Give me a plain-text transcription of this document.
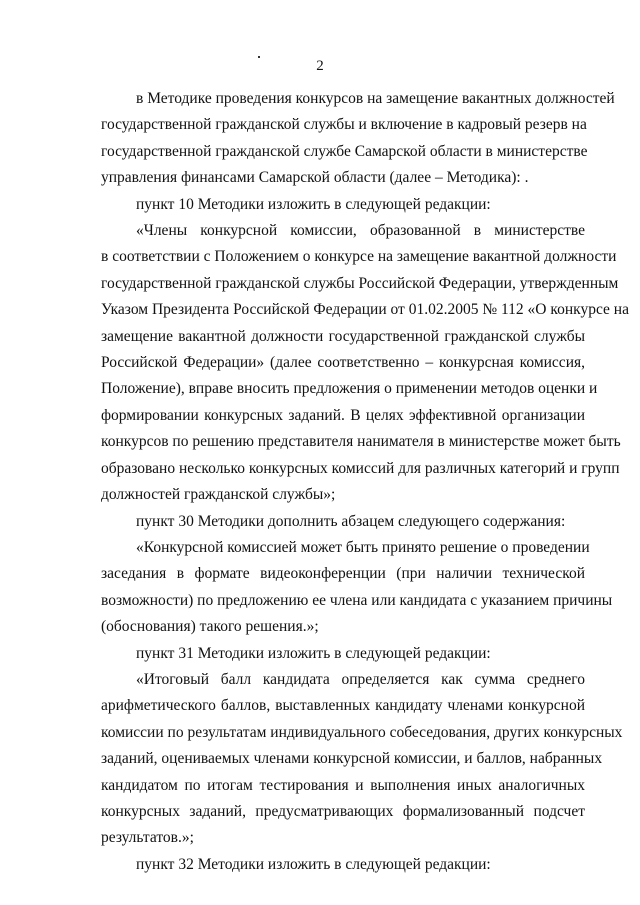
2
в Методике проведения конкурсов на замещение вакантных должностей
государственной гражданской службы и включение в кадровый резерв на
государственной гражданской службе Самарской области в министерстве
управления финансами Самарской области (далее – Методика): .
пункт 10 Методики изложить в следующей редакции:
«Члены конкурсной комиссии, образованной в министерстве
в соответствии с Положением о конкурсе на замещение вакантной должности
государственной гражданской службы Российской Федерации, утвержденным
Указом Президента Российской Федерации от 01.02.2005 № 112 «О конкурсе на
замещение вакантной должности государственной гражданской службы
Российской Федерации» (далее соответственно – конкурсная комиссия,
Положение), вправе вносить предложения о применении методов оценки и
формировании конкурсных заданий. В целях эффективной организации
конкурсов по решению представителя нанимателя в министерстве может быть
образовано несколько конкурсных комиссий для различных категорий и групп
должностей гражданской службы»;
пункт 30 Методики дополнить абзацем следующего содержания:
«Конкурсной комиссией может быть принято решение о проведении
заседания в формате видеоконференции (при наличии технической
возможности) по предложению ее члена или кандидата с указанием причины
(обоснования) такого решения.»;
пункт 31 Методики изложить в следующей редакции:
«Итоговый балл кандидата определяется как сумма среднего
арифметического баллов, выставленных кандидату членами конкурсной
комиссии по результатам индивидуального собеседования, других конкурсных
заданий, оцениваемых членами конкурсной комиссии, и баллов, набранных
кандидатом по итогам тестирования и выполнения иных аналогичных
конкурсных заданий, предусматривающих формализованный подсчет
результатов.»;
пункт 32 Методики изложить в следующей редакции:
